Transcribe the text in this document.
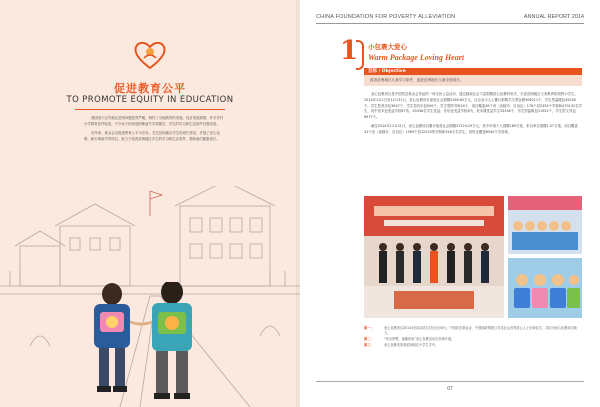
促进教育公平
TO PROMOTE EQUITY IN EDUCATION

我国老少边穷地区贫困问题依然严峻，制约了当地教育的发展。经济发展滞缓，许多乡村小学教育条件较差，不少孩子因家庭困难而失学或辍学，学生的学习和生活条件仍需改善。

近年来，基金会以促进教育公平为宗旨，关注贫困地区学生的成长需求，开展了爱心包裹、新长城助学等项目，致力于改善贫困地区学生的学习和生活条件，帮助他们健康成长。

CHINA FOUNDATION FOR POVERTY ALLEVIATION	ANNUAL REPORT 2014
1 小包裹大爱心
Warm Package Loving Heart
目标 / Objective
改善贫困地区儿童学习条件，促进贫困地区儿童全面成长。

爱心包裹项目是中国扶贫基金会发起的一项全民公益活动，通过邮政社会力量捐赠爱心包裹的形式，关爱贫困地区义务教育阶段的小学生。2014年1月1日至12月31日，爱心包裹项目接受社会捐赠5196.65万元，社会参与人士累计捐购学生型包裹306211个，学生型温暖包45200个，学生型美术包3647个，学生型音乐包500个，学生型图书角54个，项目覆盖28个省（直辖市、自治区）176个县2354个学校和479132名学生，其中美术包受益学校87所，33336名学生受益；音乐包受益学校2所，美术课受益学生33336个，学生型温暖包11552个，学生型文具包8977个。

截至2014年12月31日，爱心包裹项目累计接受社会捐赠37224.29万元，其中申请个人捐赠189万笔，来自单位捐赠1.57万笔，项目覆盖31个省（直辖市、自治区）1565个县12515所学校和316万名学生，同时还覆盖6540个学前班。

图一：	爱心包裹项目2014全国启动仪式在北京举行。中国扶贫基金会、中国邮政集团公司及社会各界爱心人士出席仪式，共同为爱心包裹项目助力。
图二：	“快乐梦想，童趣体验”爱心包裹活动在各地开展。
图三：	爱心包裹发放到贫困地区小学生手中。
07
